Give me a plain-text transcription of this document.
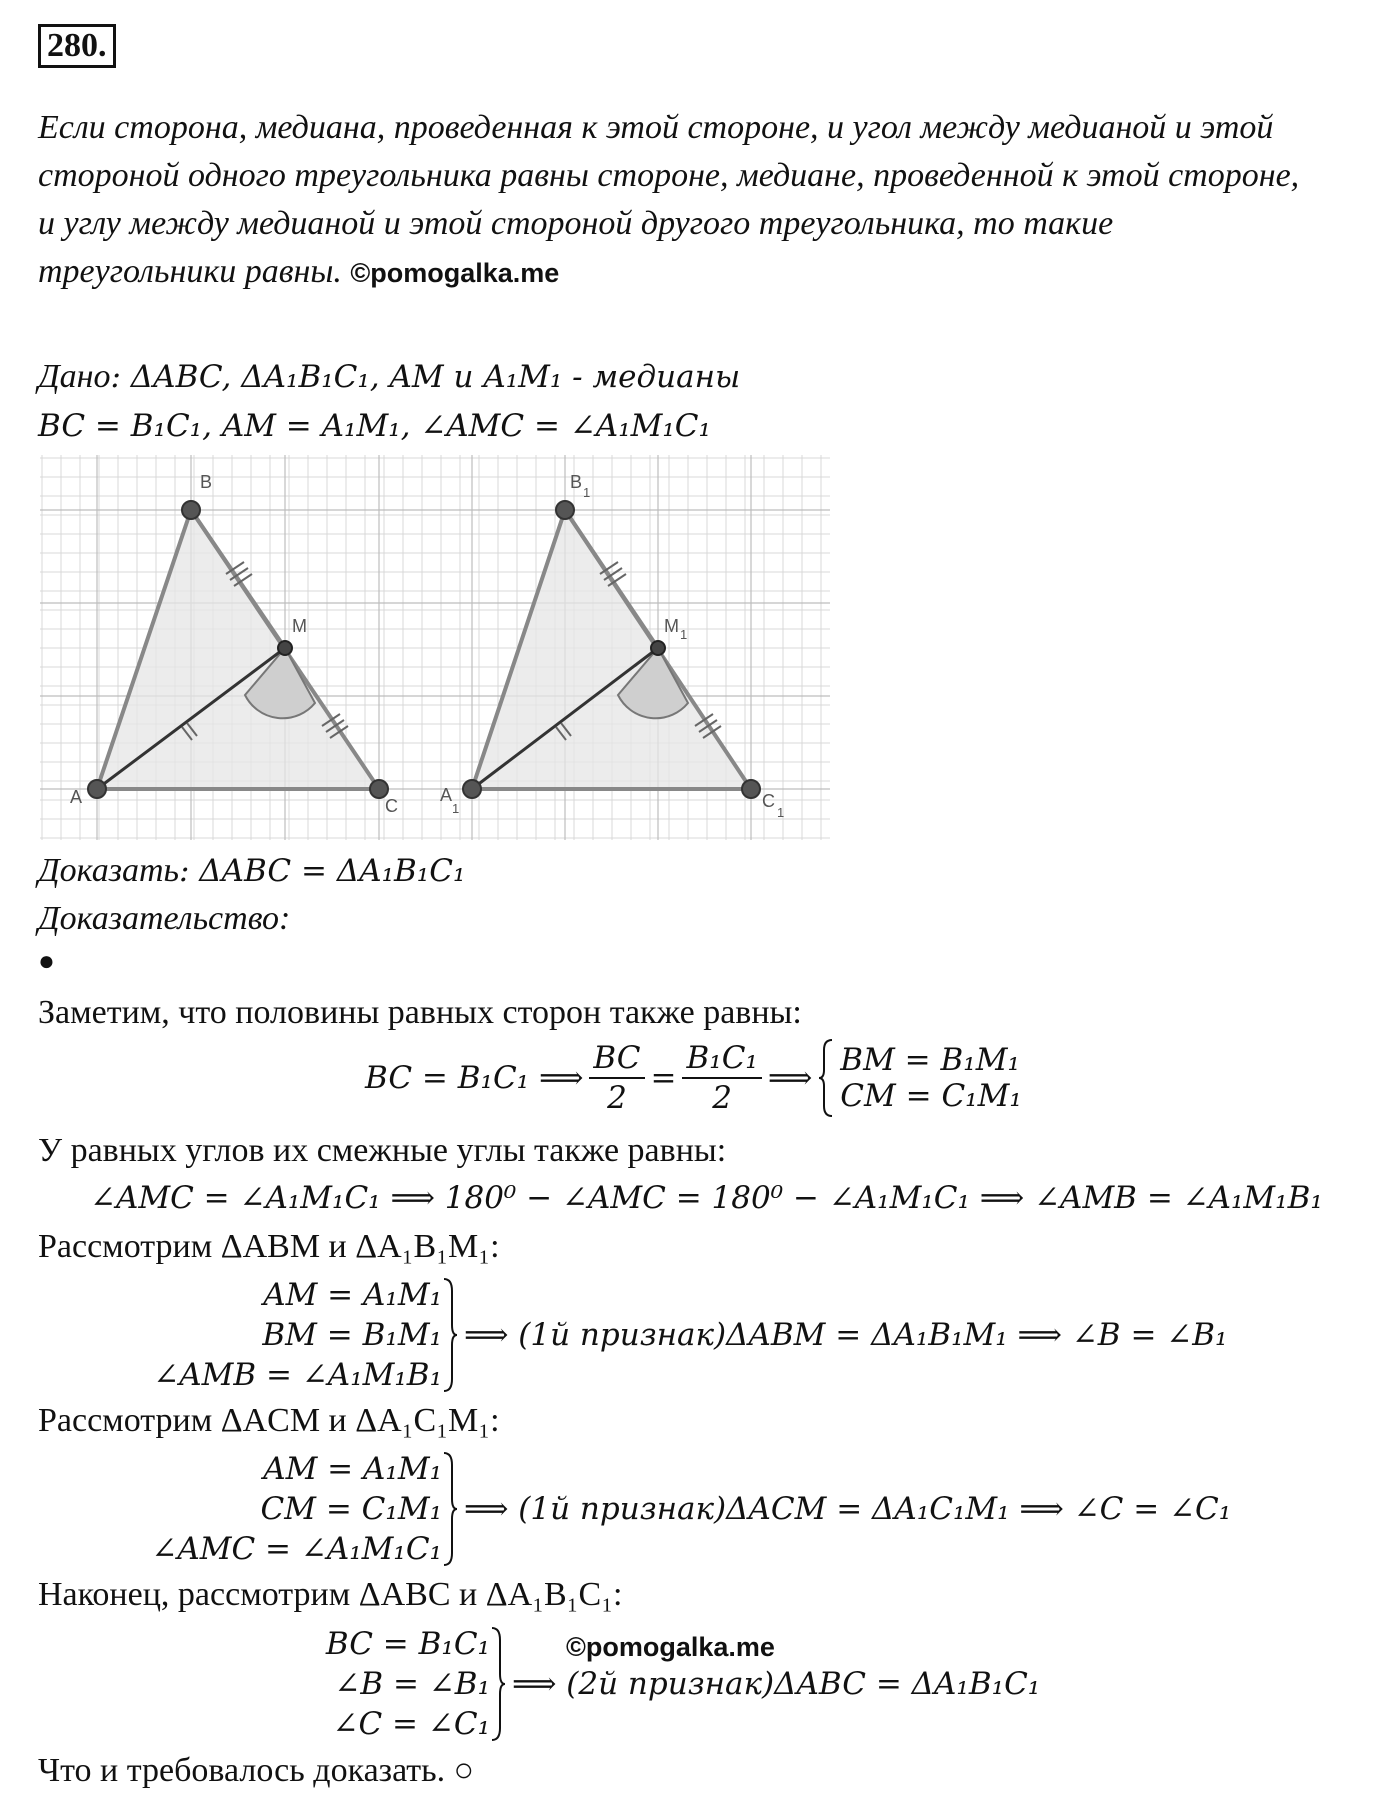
280.
Если сторона, медиана, проведенная к этой стороне, и угол между медианой и этой
стороной одного треугольника равны стороне, медиане, проведенной к этой стороне,
и углу между медианой и этой стороной другого треугольника, то такие
треугольники равны. ©pomogalka.me
Дано: ΔABC, ΔA₁B₁C₁, AM и A₁M₁ - медианы
BC = B₁C₁, AM = A₁M₁, ∠AMC = ∠A₁M₁C₁
A
B
C
M
A
1
B
1
C
1
M 1
Доказать: ΔABC = ΔA₁B₁C₁
Доказательство:
●
Заметим, что половины равных сторон также равны:
BC = B₁C₁ ⟹ $\frac{BC}{2} = \frac{\text{B₁C₁}}{2}$ ⟹ BM = B₁M₁
CM = C₁M₁
У равных углов их смежные углы также равны:
∠AMC = ∠A₁M₁C₁ ⟹ 180⁰ − ∠AMC = 180⁰ − ∠A₁M₁C₁ ⟹ ∠AMB = ∠A₁M₁B₁
Рассмотрим ΔABM и ΔA₁B₁M₁:
AM = A₁M₁
BM = B₁M₁
∠AMB = ∠A₁M₁B₁
⟹ (1й признак)ΔABM = ΔA₁B₁M₁ ⟹ ∠B = ∠B₁
Рассмотрим ΔACM и ΔA₁C₁M₁:
AM = A₁M₁
CM = C₁M₁
∠AMC = ∠A₁M₁C₁
⟹ (1й признак)ΔACM = ΔA₁C₁M₁ ⟹ ∠C = ∠C₁
Наконец, рассмотрим ΔABC и ΔA₁B₁C₁:
©pomogalka.me
BC = B₁C₁
∠B = ∠B₁
∠C = ∠C₁
⟹ (2й признак)ΔABC = ΔA₁B₁C₁
Что и требовалось доказать. ○
